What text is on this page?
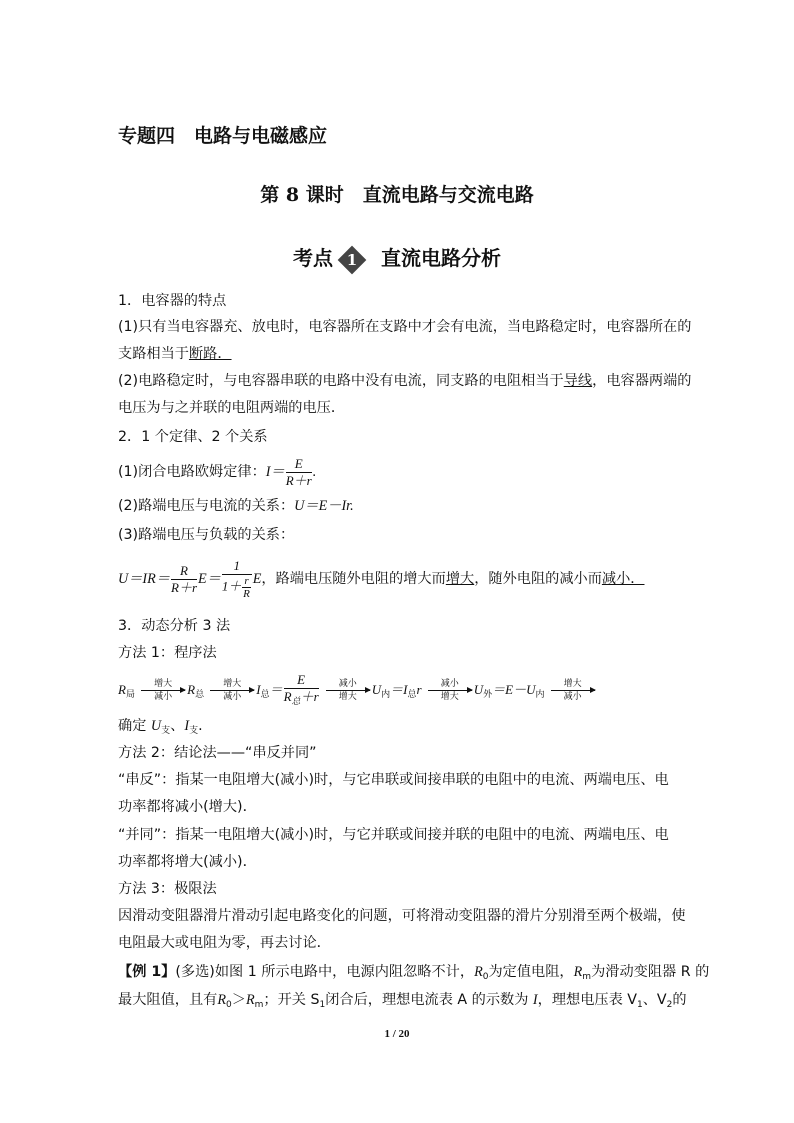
专题四　电路与电磁感应
第 8 课时　直流电路与交流电路
考点 1	直流电路分析
1．电容器的特点
(1)只有当电容器充、放电时，电容器所在支路中才会有电流，当电路稳定时，电容器所在的
支路相当于断路．
(2)电路稳定时，与电容器串联的电路中没有电流，同支路的电阻相当于导线，电容器两端的
电压为与之并联的电阻两端的电压．
2．1 个定律、2 个关系
(1)闭合电路欧姆定律：$I= \frac{E}{R+r}$ .
(2)路端电压与电流的关系：U＝E－Ir.
(3)路端电压与负载的关系：
$U=IR= \frac{R}{R+r} E= \frac{1}{1+ \frac{r}{R}}$ E，路端电压随外电阻的增大而增大，随外电阻的减小而减小．
3．动态分析 3 法
方法 1：程序法
$R_局$ 增大
减小 $R_总$ 增大
减小 $I_总= \frac{E}{R_总+r}$ 减小
增大 $U_内=I_总r$ 减小
增大 $U_外=E-U_内$ 增大
减小
确定 $U_支$、$I_支$.
方法 2：结论法——“串反并同”
“串反”：指某一电阻增大(减小)时，与它串联或间接串联的电阻中的电流、两端电压、电
功率都将减小(增大)．
“并同”：指某一电阻增大(减小)时，与它并联或间接并联的电阻中的电流、两端电压、电
功率都将增大(减小)．
方法 3：极限法
因滑动变阻器滑片滑动引起电路变化的问题，可将滑动变阻器的滑片分别滑至两个极端，使
电阻最大或电阻为零，再去讨论．
【例 1】(多选)如图 1 所示电路中，电源内阻忽略不计，$R_0$为定值电阻，$R_m$为滑动变阻器 R 的
最大阻值，且有$R_0>R_m$；开关 $S_1$闭合后，理想电流表 A 的示数为 I，理想电压表 $V_1$、$V_2$的
1 / 20
